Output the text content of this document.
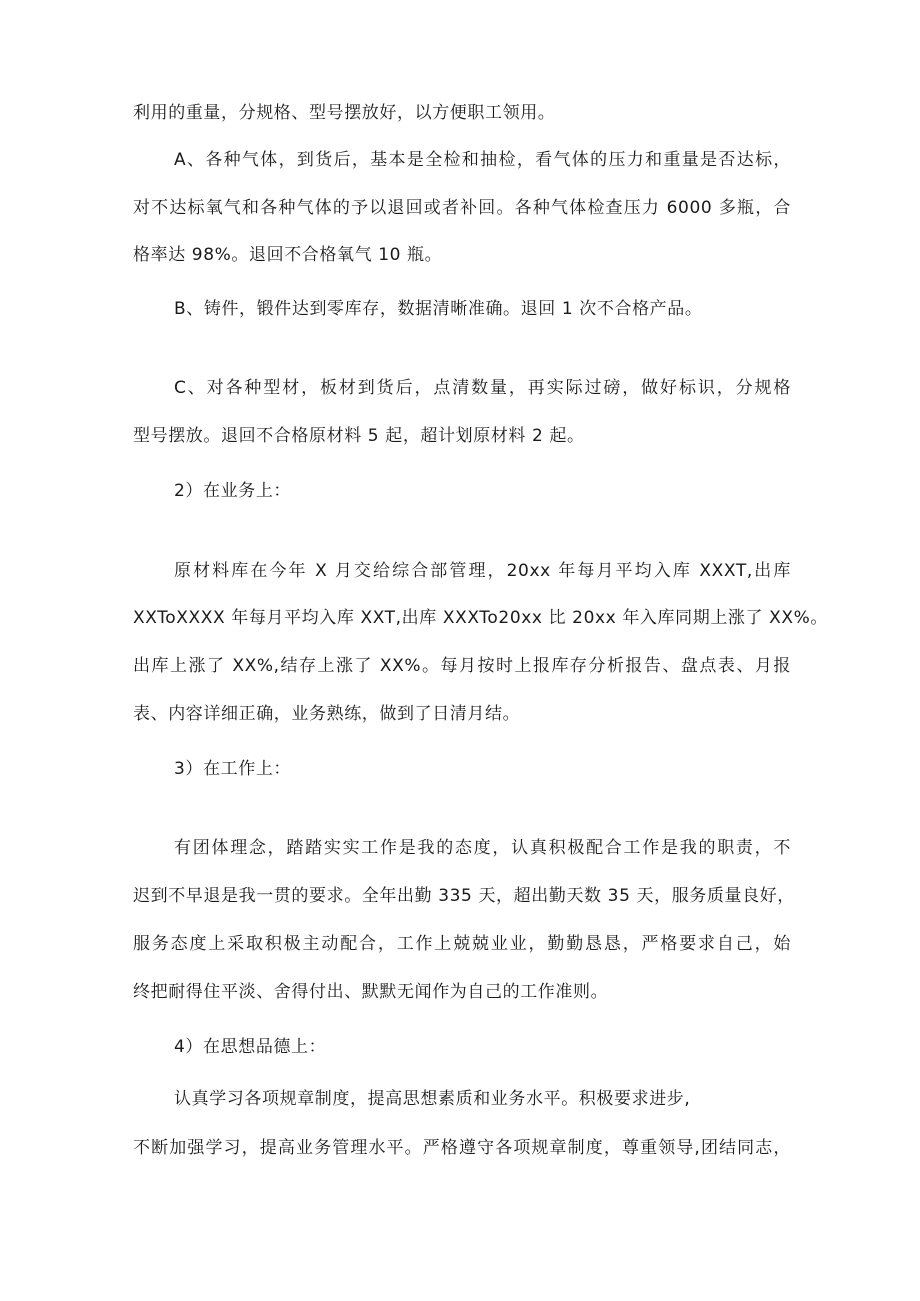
利用的重量，分规格、型号摆放好，以方便职工领用。
A、各种气体，到货后，基本是全检和抽检，看气体的压力和重量是否达标，
对不达标氧气和各种气体的予以退回或者补回。各种气体检查压力 6000 多瓶，合
格率达 98%。退回不合格氧气 10 瓶。
B、铸件，锻件达到零库存，数据清晰准确。退回 1 次不合格产品。
C、对各种型材，板材到货后，点清数量，再实际过磅，做好标识，分规格
型号摆放。退回不合格原材料 5 起，超计划原材料 2 起。
2）在业务上：
原材料库在今年 X 月交给综合部管理，20xx 年每月平均入库 XXXT,出库
XXToXXXX 年每月平均入库 XXT,出库 XXXTo20xx 比 20xx 年入库同期上涨了 XX%。
出库上涨了 XX%,结存上涨了 XX%。每月按时上报库存分析报告、盘点表、月报
表、内容详细正确，业务熟练，做到了日清月结。
3）在工作上：
有团体理念，踏踏实实工作是我的态度，认真积极配合工作是我的职责，不
迟到不早退是我一贯的要求。全年出勤 335 天，超出勤天数 35 天，服务质量良好，
服务态度上采取积极主动配合，工作上兢兢业业，勤勤恳恳，严格要求自己，始
终把耐得住平淡、舍得付出、默默无闻作为自己的工作准则。
4）在思想品德上：
认真学习各项规章制度，提高思想素质和业务水平。积极要求进步,
不断加强学习，提高业务管理水平。严格遵守各项规章制度，尊重领导,团结同志，
